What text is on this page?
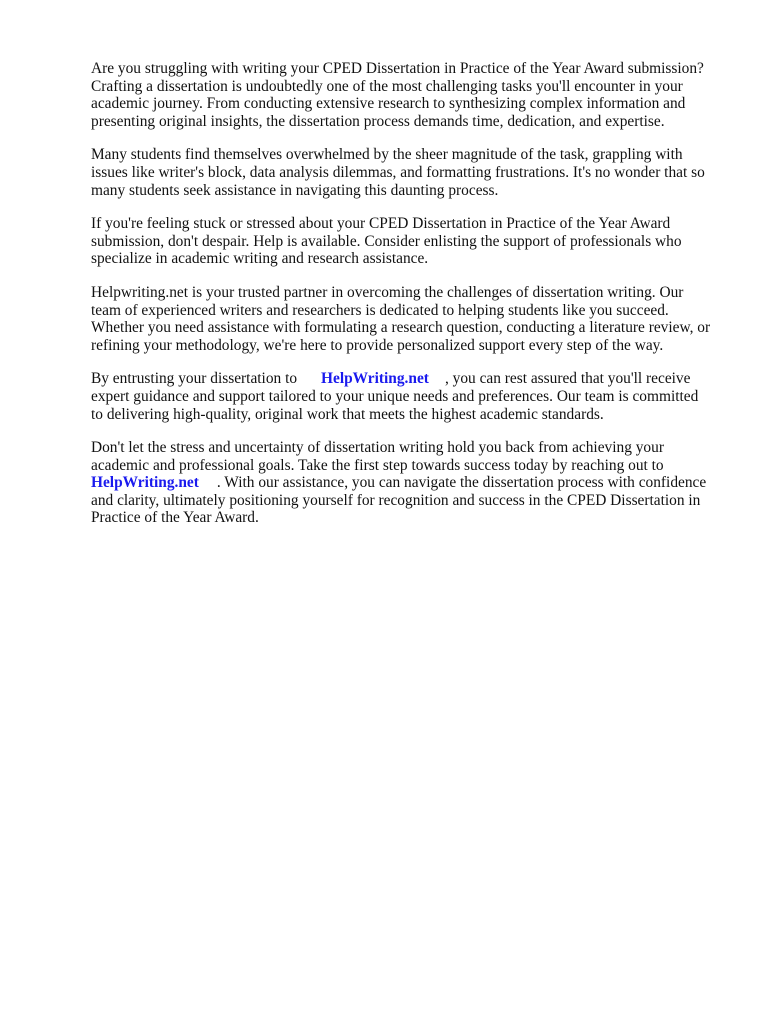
Are you struggling with writing your CPED Dissertation in Practice of the Year Award submission?
Crafting a dissertation is undoubtedly one of the most challenging tasks you'll encounter in your
academic journey. From conducting extensive research to synthesizing complex information and
presenting original insights, the dissertation process demands time, dedication, and expertise.

Many students find themselves overwhelmed by the sheer magnitude of the task, grappling with
issues like writer's block, data analysis dilemmas, and formatting frustrations. It's no wonder that so
many students seek assistance in navigating this daunting process.

If you're feeling stuck or stressed about your CPED Dissertation in Practice of the Year Award
submission, don't despair. Help is available. Consider enlisting the support of professionals who
specialize in academic writing and research assistance.

Helpwriting.net is your trusted partner in overcoming the challenges of dissertation writing. Our
team of experienced writers and researchers is dedicated to helping students like you succeed.
Whether you need assistance with formulating a research question, conducting a literature review, or
refining your methodology, we're here to provide personalized support every step of the way.

By entrusting your dissertation to HelpWriting.net , you can rest assured that you'll receive
expert guidance and support tailored to your unique needs and preferences. Our team is committed
to delivering high-quality, original work that meets the highest academic standards.

Don't let the stress and uncertainty of dissertation writing hold you back from achieving your
academic and professional goals. Take the first step towards success today by reaching out to
HelpWriting.net . With our assistance, you can navigate the dissertation process with confidence
and clarity, ultimately positioning yourself for recognition and success in the CPED Dissertation in
Practice of the Year Award.
